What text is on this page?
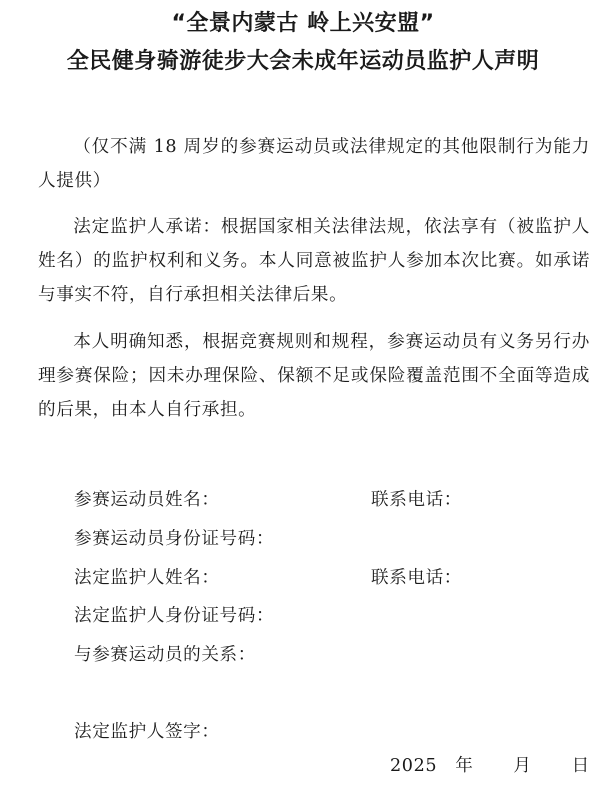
“全景内蒙古 岭上兴安盟”
全民健身骑游徒步大会未成年运动员监护人声明
（仅不满 18 周岁的参赛运动员或法律规定的其他限制行为能力人提供）
法定监护人承诺：根据国家相关法律法规，依法享有（被监护人姓名）的监护权利和义务。本人同意被监护人参加本次比赛。如承诺与事实不符，自行承担相关法律后果。
本人明确知悉，根据竞赛规则和规程，参赛运动员有义务另行办理参赛保险；因未办理保险、保额不足或保险覆盖范围不全面等造成的后果，由本人自行承担。
参赛运动员姓名：	联系电话：
参赛运动员身份证号码：
法定监护人姓名：	联系电话：
法定监护人身份证号码：
与参赛运动员的关系：
法定监护人签字：
2025 年 月 日
